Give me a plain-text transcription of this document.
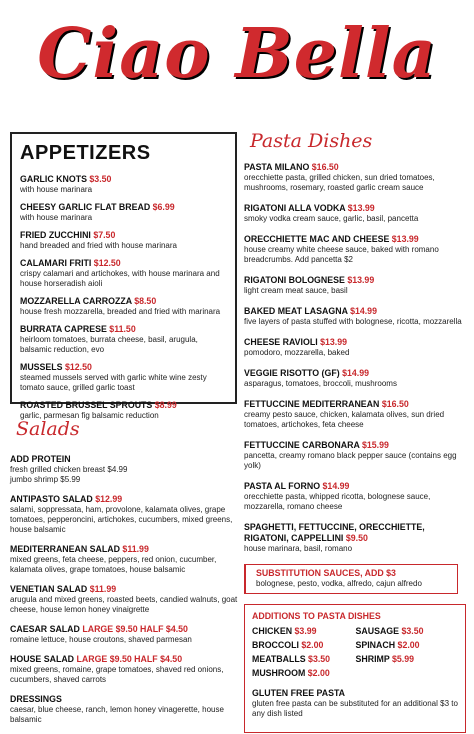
Ciao Bella
APPETIZERS
GARLIC KNOTS $3.50
with house marinara
CHEESY GARLIC FLAT BREAD $6.99
with house marinara
FRIED ZUCCHINI $7.50
hand breaded and fried with house marinara
CALAMARI FRITI $12.50
crispy calamari and artichokes, with house marinara and house horseradish aioli
MOZZARELLA CARROZZA $8.50
house fresh mozzarella, breaded and fried with marinara
BURRATA CAPRESE $11.50
heirloom tomatoes, burrata cheese, basil, arugula, balsamic reduction, evo
MUSSELS $12.50
steamed mussels served with garlic white wine zesty tomato sauce, grilled garlic toast
ROASTED BRUSSEL SPROUTS $8.99
garlic, parmesan fig balsamic reduction
Salads
ADD PROTEIN
fresh grilled chicken breast $4.99
jumbo shrimp $5.99
ANTIPASTO SALAD $12.99
salami, soppressata, ham, provolone, kalamata olives, grape tomatoes, pepperoncini, artichokes, cucumbers, mixed greens, house balsamic
MEDITERRANEAN SALAD $11.99
mixed greens, feta cheese, peppers, red onion, cucumber, kalamata olives, grape tomatoes, house balsamic
VENETIAN SALAD $11.99
arugula and mixed greens, roasted beets, candied walnuts, goat cheese, house lemon honey vinaigrette
CAESAR SALAD LARGE $9.50 HALF $4.50
romaine lettuce, house croutons, shaved parmesan
HOUSE SALAD LARGE $9.50 HALF $4.50
mixed greens, romaine, grape tomatoes, shaved red onions, cucumbers, shaved carrots
DRESSINGS
caesar, blue cheese, ranch, lemon honey vinagerette, house balsamic
Pasta Dishes
PASTA MILANO $16.50
orecchiette pasta, grilled chicken, sun dried tomatoes, mushrooms, rosemary, roasted garlic cream sauce
RIGATONI ALLA VODKA $13.99
smoky vodka cream sauce, garlic, basil, pancetta
ORECCHIETTE MAC AND CHEESE $13.99
house creamy white cheese sauce, baked with romano breadcrumbs. Add pancetta $2
RIGATONI BOLOGNESE $13.99
light cream meat sauce, basil
BAKED MEAT LASAGNA $14.99
five layers of pasta stuffed with bolognese, ricotta, mozzarella
CHEESE RAVIOLI $13.99
pomodoro, mozzarella, baked
VEGGIE RISOTTO (GF) $14.99
asparagus, tomatoes, broccoli, mushrooms
FETTUCCINE MEDITERRANEAN $16.50
creamy pesto sauce, chicken, kalamata olives, sun dried tomatoes, artichokes, feta cheese
FETTUCCINE CARBONARA $15.99
pancetta, creamy romano black pepper sauce (contains egg yolk)
PASTA AL FORNO $14.99
orecchiette pasta, whipped ricotta, bolognese sauce, mozzarella, romano cheese
SPAGHETTI, FETTUCCINE, ORECCHIETTE, RIGATONI, CAPPELLINI $9.50
house marinara, basil, romano
SUBSTITUTION SAUCES, ADD $3
bolognese, pesto, vodka, alfredo, cajun alfredo
ADDITIONS TO PASTA DISHES
CHICKEN $3.99	SAUSAGE $3.50
BROCCOLI $2.00	SPINACH $2.00
MEATBALLS $3.50	SHRIMP $5.99
MUSHROOM $2.00
GLUTEN FREE PASTA
gluten free pasta can be substituted for an additional $3 to any dish listed
